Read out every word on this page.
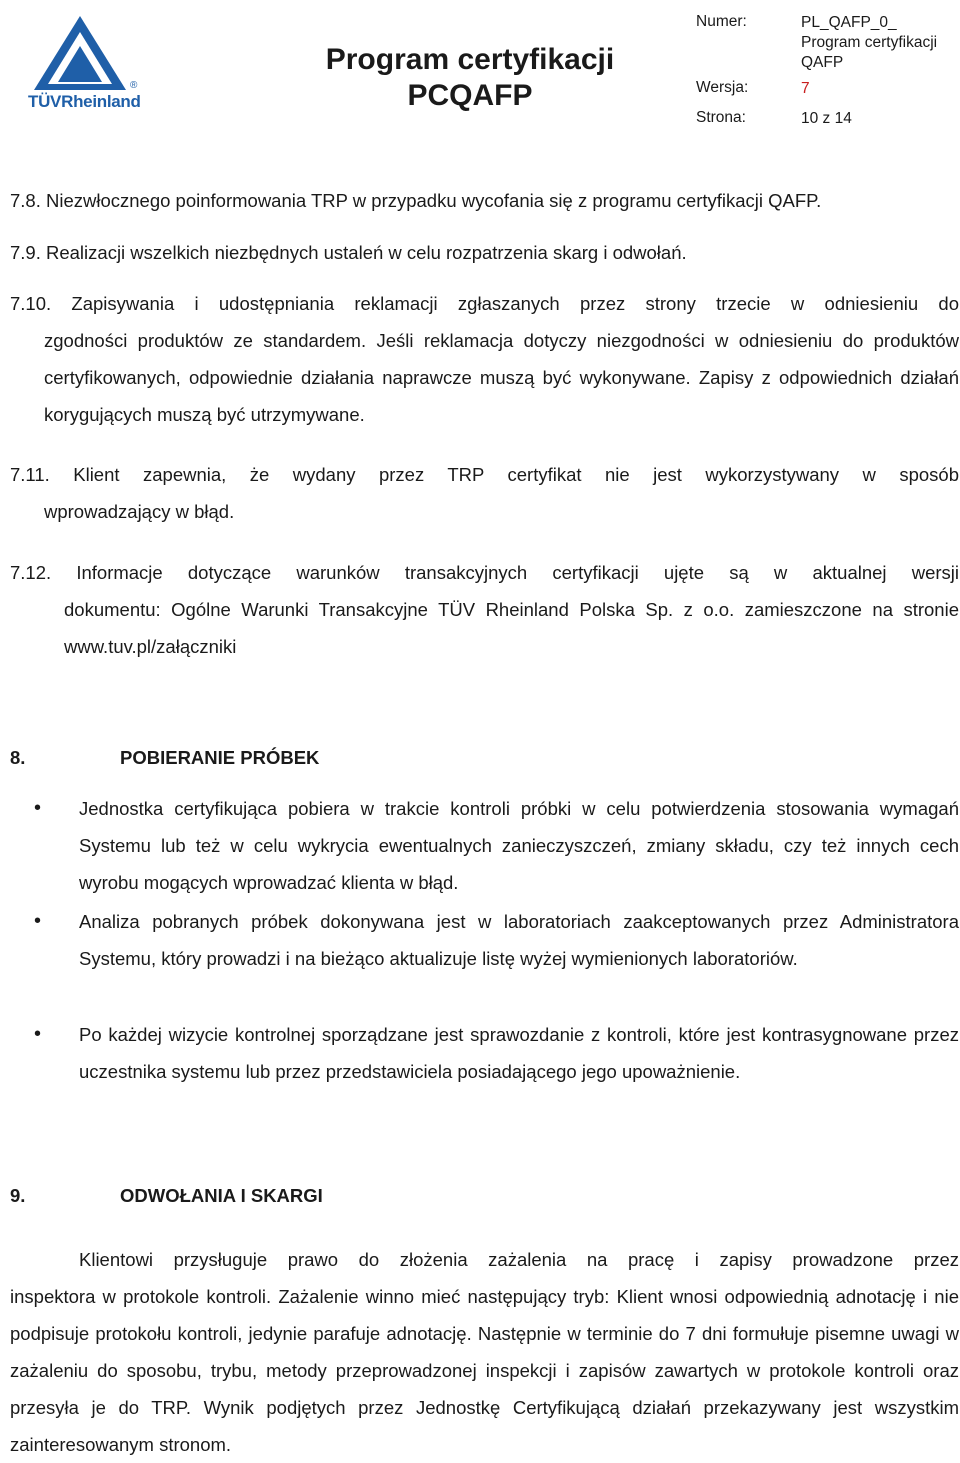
®
TÜVRheinland
Program certyfikacji
PCQAFP
Numer:	PL_QAFP_0_
Program certyfikacji
QAFP
Wersja:	7
Strona:	10 z 14
7.8. Niezwłocznego poinformowania TRP w przypadku wycofania się z programu certyfikacji QAFP.
7.9. Realizacji wszelkich niezbędnych ustaleń w celu rozpatrzenia skarg i odwołań.
7.10. Zapisywania i udostępniania reklamacji zgłaszanych przez strony trzecie w odniesieniu do
zgodności produktów ze standardem. Jeśli reklamacja dotyczy niezgodności w odniesieniu do produktów certyfikowanych, odpowiednie działania naprawcze muszą być wykonywane. Zapisy z odpowiednich działań korygujących muszą być utrzymywane.
7.11. Klient zapewnia, że wydany przez TRP certyfikat nie jest wykorzystywany w sposób
wprowadzający w błąd.
7.12. Informacje dotyczące warunków transakcyjnych certyfikacji ujęte są w aktualnej wersji
dokumentu: Ogólne Warunki Transakcyjne TÜV Rheinland Polska Sp. z o.o. zamieszczone na stronie www.tuv.pl/załączniki
8.	POBIERANIE PRÓBEK
• Jednostka certyfikująca pobiera w trakcie kontroli próbki w celu potwierdzenia stosowania wymagań Systemu lub też w celu wykrycia ewentualnych zanieczyszczeń, zmiany składu, czy też innych cech wyrobu mogących wprowadzać klienta w błąd.
• Analiza pobranych próbek dokonywana jest w laboratoriach zaakceptowanych przez Administratora Systemu, który prowadzi i na bieżąco aktualizuje listę wyżej wymienionych laboratoriów.
• Po każdej wizycie kontrolnej sporządzane jest sprawozdanie z kontroli, które jest kontrasygnowane przez uczestnika systemu lub przez przedstawiciela posiadającego jego upoważnienie.
9.	ODWOŁANIA I SKARGI
Klientowi przysługuje prawo do złożenia zażalenia na pracę i zapisy prowadzone przez
inspektora w protokole kontroli. Zażalenie winno mieć następujący tryb: Klient wnosi odpowiednią adnotację i nie podpisuje protokołu kontroli, jedynie parafuje adnotację. Następnie w terminie do 7 dni formułuje pisemne uwagi w zażaleniu do sposobu, trybu, metody przeprowadzonej inspekcji i zapisów zawartych w protokole kontroli oraz przesyła je do TRP. Wynik podjętych przez Jednostkę Certyfikującą działań przekazywany jest wszystkim zainteresowanym stronom.
